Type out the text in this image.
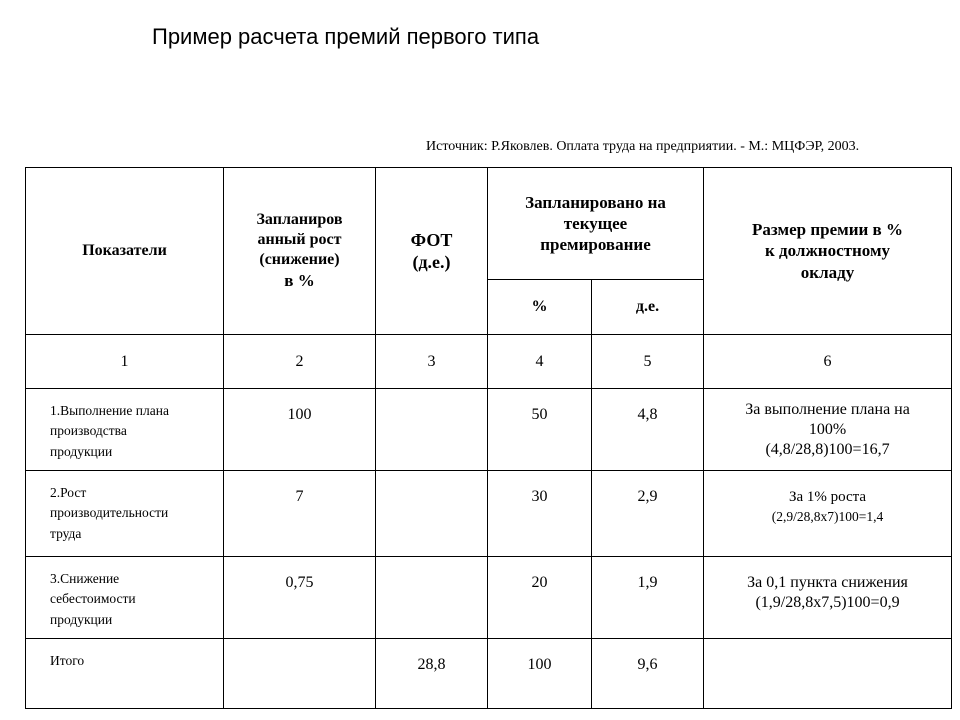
Пример расчета премий первого типа
Источник: Р.Яковлев. Оплата труда на предприятии. - М.: МЦФЭР, 2003.
Показатели	Запланиров
анный рост
(снижение)
в %	ФОТ
(д.е.)	Запланировано на
текущее
премирование		Размер премии в %
к должностному
окладу
			%	д.е.	
1	2	3	4	5	6
1.Выполнение плана
производства
продукции	100		50	4,8	За выполнение плана на
100%
(4,8/28,8)100=16,7
2.Рост
производительности
труда	7		30	2,9	За 1% роста
(2,9/28,8х7)100=1,4
3.Снижение
себестоимости
продукции	0,75		20	1,9	За 0,1 пункта снижения
(1,9/28,8х7,5)100=0,9
Итого		28,8	100	9,6	
